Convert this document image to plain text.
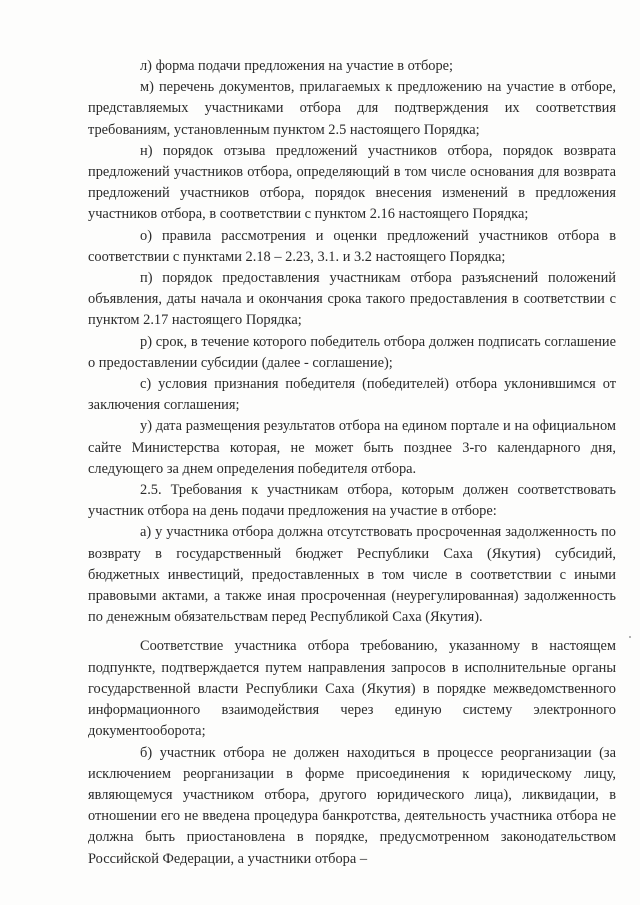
л) форма подачи предложения на участие в отборе;

м) перечень документов, прилагаемых к предложению на участие в отборе, представляемых участниками отбора для подтверждения их соответствия требованиям, установленным пунктом 2.5 настоящего Порядка;

н) порядок отзыва предложений участников отбора, порядок возврата предложений участников отбора, определяющий в том числе основания для возврата предложений участников отбора, порядок внесения изменений в предложения участников отбора, в соответствии с пунктом 2.16 настоящего Порядка;

о) правила рассмотрения и оценки предложений участников отбора в соответствии с пунктами 2.18 – 2.23, 3.1. и 3.2 настоящего Порядка;

п) порядок предоставления участникам отбора разъяснений положений объявления, даты начала и окончания срока такого предоставления в соответствии с пунктом 2.17 настоящего Порядка;

р) срок, в течение которого победитель отбора должен подписать соглашение о предоставлении субсидии (далее - соглашение);

с) условия признания победителя (победителей) отбора уклонившимся от заключения соглашения;

у) дата размещения результатов отбора на едином портале и на официальном сайте Министерства которая, не может быть позднее 3-го календарного дня, следующего за днем определения победителя отбора.

2.5. Требования к участникам отбора, которым должен соответствовать участник отбора на день подачи предложения на участие в отборе:

а) у участника отбора должна отсутствовать просроченная задолженность по возврату в государственный бюджет Республики Саха (Якутия) субсидий, бюджетных инвестиций, предоставленных в том числе в соответствии с иными правовыми актами, а также иная просроченная (неурегулированная) задолженность по денежным обязательствам перед Республикой Саха (Якутия).

Соответствие участника отбора требованию, указанному в настоящем подпункте, подтверждается путем направления запросов в исполнительные органы государственной власти Республики Саха (Якутия) в порядке межведомственного информационного взаимодействия через единую систему электронного документооборота;

б) участник отбора не должен находиться в процессе реорганизации (за исключением реорганизации в форме присоединения к юридическому лицу, являющемуся участником отбора, другого юридического лица), ликвидации, в отношении его не введена процедура банкротства, деятельность участника отбора не должна быть приостановлена в порядке, предусмотренном законодательством Российской Федерации, а участники отбора –
